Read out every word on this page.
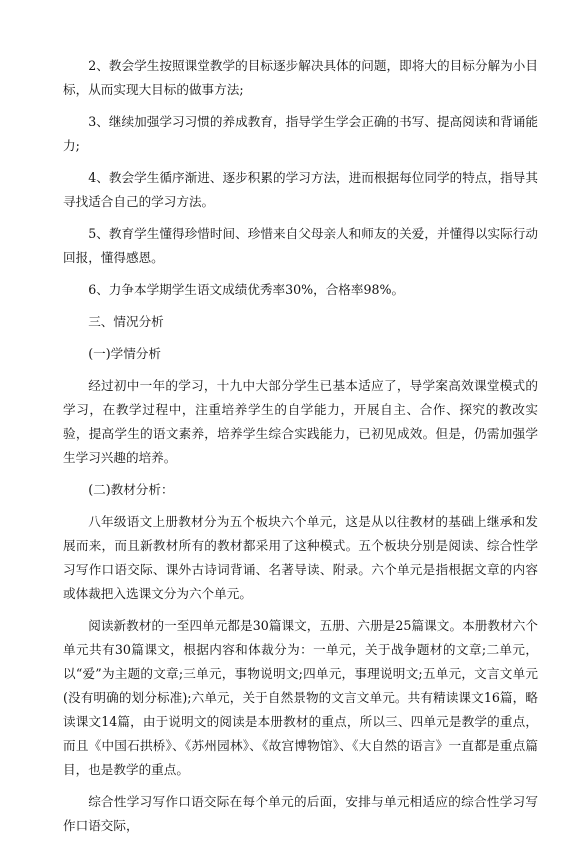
2、教会学生按照课堂教学的目标逐步解决具体的问题，即将大的目标分解为小目标，从而实现大目标的做事方法;

3、继续加强学习习惯的养成教育，指导学生学会正确的书写、提高阅读和背诵能力;

4、教会学生循序渐进、逐步积累的学习方法，进而根据每位同学的特点，指导其寻找适合自己的学习方法。

5、教育学生懂得珍惜时间、珍惜来自父母亲人和师友的关爱，并懂得以实际行动回报，懂得感恩。

6、力争本学期学生语文成绩优秀率30%，合格率98%。

三、情况分析

(一)学情分析

经过初中一年的学习，十九中大部分学生已基本适应了，导学案高效课堂模式的学习，在教学过程中，注重培养学生的自学能力，开展自主、合作、探究的教改实验，提高学生的语文素养，培养学生综合实践能力，已初见成效。但是，仍需加强学生学习兴趣的培养。

(二)教材分析：

八年级语文上册教材分为五个板块六个单元，这是从以往教材的基础上继承和发展而来，而且新教材所有的教材都采用了这种模式。五个板块分别是阅读、综合性学习写作口语交际、课外古诗词背诵、名著导读、附录。六个单元是指根据文章的内容或体裁把入选课文分为六个单元。

阅读新教材的一至四单元都是30篇课文，五册、六册是25篇课文。本册教材六个单元共有30篇课文，根据内容和体裁分为：一单元，关于战争题材的文章;二单元，以“爱”为主题的文章;三单元，事物说明文;四单元，事理说明文;五单元，文言文单元(没有明确的划分标准);六单元，关于自然景物的文言文单元。共有精读课文16篇，略读课文14篇，由于说明文的阅读是本册教材的重点，所以三、四单元是教学的重点，而且《中国石拱桥》、《苏州园林》、《故宫博物馆》、《大自然的语言》一直都是重点篇目，也是教学的重点。

综合性学习写作口语交际在每个单元的后面，安排与单元相适应的综合性学习写作口语交际，
